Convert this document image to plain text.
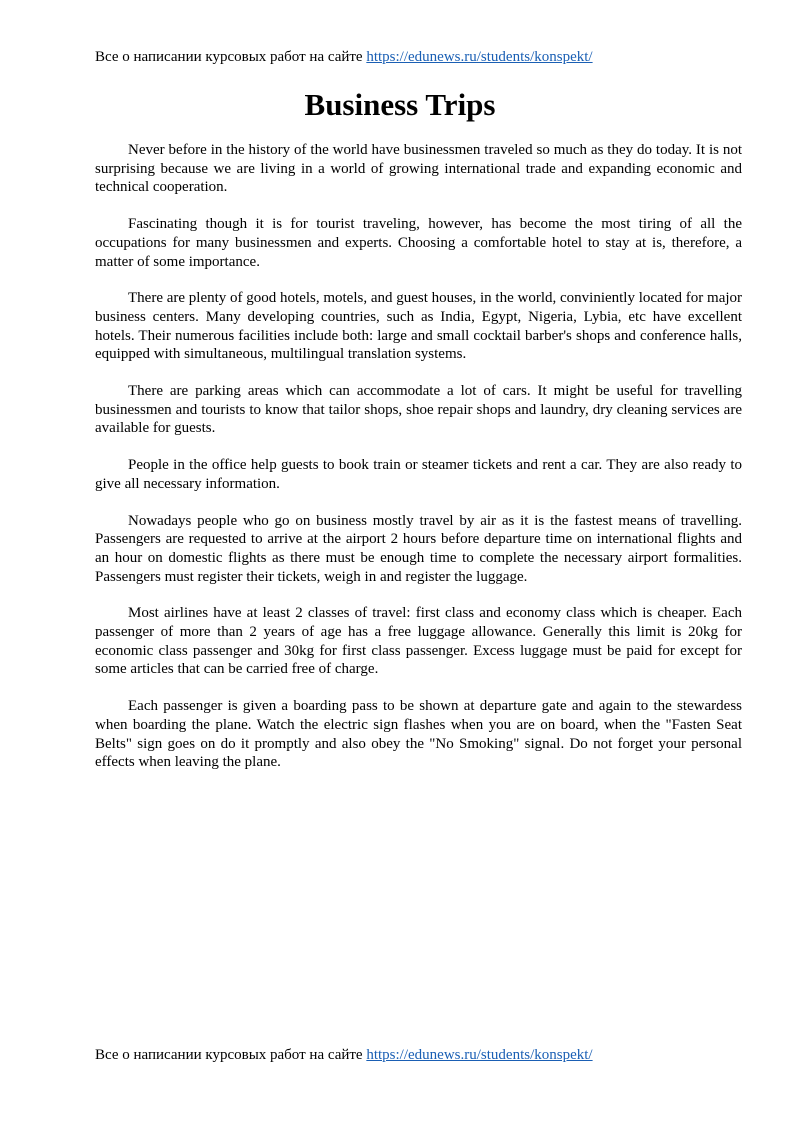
Все о написании курсовых работ на сайте https://edunews.ru/students/konspekt/
Business Trips

Never before in the history of the world have businessmen traveled so much as they do today. It is not surprising because we are living in a world of growing international trade and expanding economic and technical cooperation.

Fascinating though it is for tourist traveling, however, has become the most tiring of all the occupations for many businessmen and experts. Choosing a comfortable hotel to stay at is, therefore, a matter of some importance.

There are plenty of good hotels, motels, and guest houses, in the world, conviniently located for major business centers. Many developing countries, such as India, Egypt, Nigeria, Lybia, etc have excellent hotels. Their numerous facilities include both: large and small cocktail barber's shops and conference halls, equipped with simultaneous, multilingual translation systems.

There are parking areas which can accommodate a lot of cars. It might be useful for travelling businessmen and tourists to know that tailor shops, shoe repair shops and laundry, dry cleaning services are available for guests.

People in the office help guests to book train or steamer tickets and rent a car. They are also ready to give all necessary information.

Nowadays people who go on business mostly travel by air as it is the fastest means of travelling. Passengers are requested to arrive at the airport 2 hours before departure time on international flights and an hour on domestic flights as there must be enough time to complete the necessary airport formalities. Passengers must register their tickets, weigh in and register the luggage.

Most airlines have at least 2 classes of travel: first class and economy class which is cheaper. Each passenger of more than 2 years of age has a free luggage allowance. Generally this limit is 20kg for economic class passenger and 30kg for first class passenger. Excess luggage must be paid for except for some articles that can be carried free of charge.

Each passenger is given a boarding pass to be shown at departure gate and again to the stewardess when boarding the plane. Watch the electric sign flashes when you are on board, when the "Fasten Seat Belts" sign goes on do it promptly and also obey the "No Smoking" signal. Do not forget your personal effects when leaving the plane.

Все о написании курсовых работ на сайте https://edunews.ru/students/konspekt/
